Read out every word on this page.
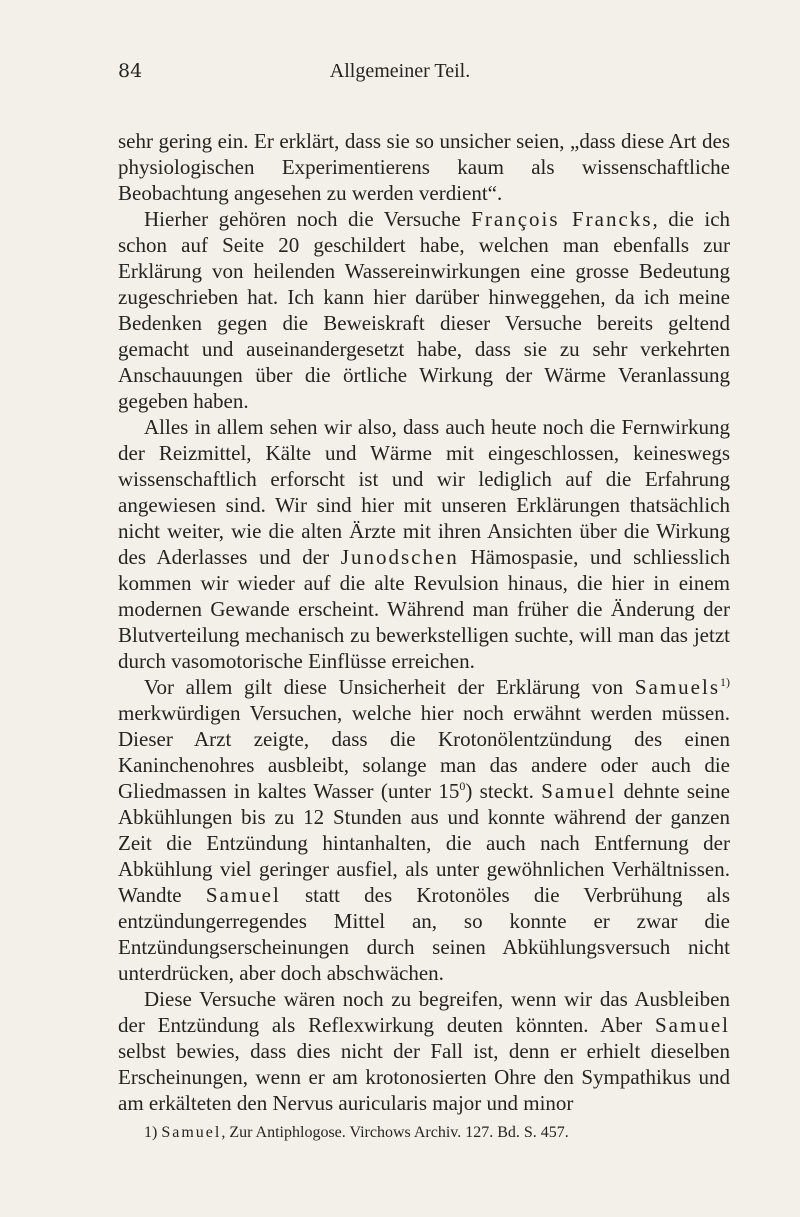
84	Allgemeiner Teil.

sehr gering ein. Er erklärt, dass sie so unsicher seien, „dass diese Art des physiologischen Experimentierens kaum als wissenschaftliche Beobachtung angesehen zu werden verdient“.

Hierher gehören noch die Versuche François Francks, die ich schon auf Seite 20 geschildert habe, welchen man ebenfalls zur Erklärung von heilenden Wassereinwirkungen eine grosse Bedeutung zugeschrieben hat. Ich kann hier darüber hinweggehen, da ich meine Bedenken gegen die Beweiskraft dieser Versuche bereits geltend gemacht und auseinandergesetzt habe, dass sie zu sehr verkehrten Anschauungen über die örtliche Wirkung der Wärme Veranlassung gegeben haben.

Alles in allem sehen wir also, dass auch heute noch die Fernwirkung der Reizmittel, Kälte und Wärme mit eingeschlossen, keineswegs wissenschaftlich erforscht ist und wir lediglich auf die Erfahrung angewiesen sind. Wir sind hier mit unseren Erklärungen thatsächlich nicht weiter, wie die alten Ärzte mit ihren Ansichten über die Wirkung des Aderlasses und der Junodschen Hämospasie, und schliesslich kommen wir wieder auf die alte Revulsion hinaus, die hier in einem modernen Gewande erscheint. Während man früher die Änderung der Blutverteilung mechanisch zu bewerkstelligen suchte, will man das jetzt durch vasomotorische Einflüsse erreichen.

Vor allem gilt diese Unsicherheit der Erklärung von Samuels$^{1)}$ merkwürdigen Versuchen, welche hier noch erwähnt werden müssen. Dieser Arzt zeigte, dass die Krotonölentzündung des einen Kaninchenohres ausbleibt, solange man das andere oder auch die Gliedmassen in kaltes Wasser (unter $15^0$) steckt. Samuel dehnte seine Abkühlungen bis zu 12 Stunden aus und konnte während der ganzen Zeit die Entzündung hintanhalten, die auch nach Entfernung der Abkühlung viel geringer ausfiel, als unter gewöhnlichen Verhältnissen. Wandte Samuel statt des Krotonöles die Verbrühung als entzündungerregendes Mittel an, so konnte er zwar die Entzündungserscheinungen durch seinen Abkühlungsversuch nicht unterdrücken, aber doch abschwächen.

Diese Versuche wären noch zu begreifen, wenn wir das Ausbleiben der Entzündung als Reflexwirkung deuten könnten. Aber Samuel selbst bewies, dass dies nicht der Fall ist, denn er erhielt dieselben Erscheinungen, wenn er am krotonosierten Ohre den Sympathikus und am erkälteten den Nervus auricularis major und minor

1) Samuel, Zur Antiphlogose. Virchows Archiv. 127. Bd. S. 457.
